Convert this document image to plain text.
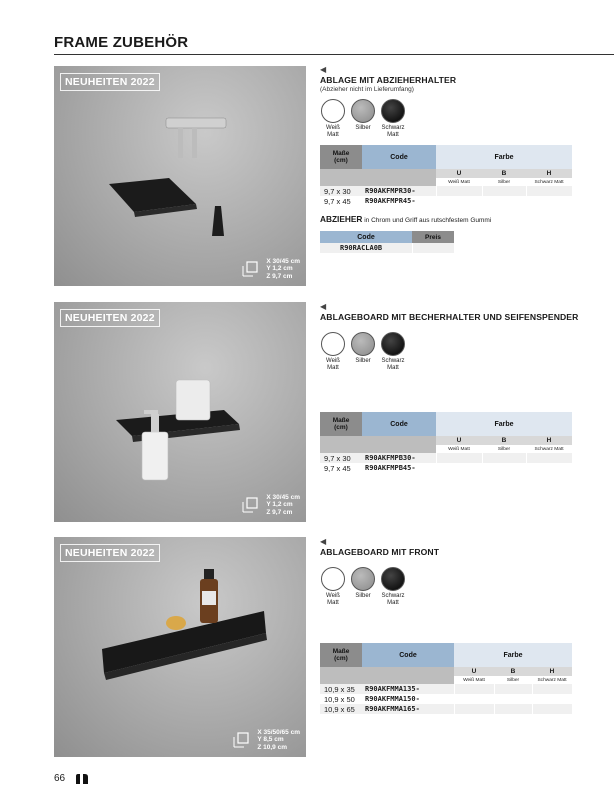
FRAME ZUBEHÖR
NEUHEITEN 2022
X 30/45 cm
Y 1,2 cm
Z 9,7 cm
◀
ABLAGE MIT ABZIEHERHALTER
(Abzieher nicht im Lieferumfang)
Weiß
Matt
Silber Schwarz
Matt
Maße
(cm)	Code	Farbe		
		U	B	H
		Weiß Matt	Silber	Schwarz Matt
9,7 x 30	R90AKFMPR30-			
9,7 x 45	R90AKFMPR45-			
ABZIEHER in Chrom und Griff aus rutschfestem Gummi
Code	Preis
R90RACLA0B	
NEUHEITEN 2022
X 30/45 cm
Y 1,2 cm
Z 9,7 cm
◀
ABLAGEBOARD MIT BECHERHALTER UND SEIFENSPENDER
Weiß
Matt
Silber Schwarz
Matt
Maße
(cm)	Code	Farbe		
		U	B	H
		Weiß Matt	Silber	Schwarz Matt
9,7 x 30	R90AKFMPB30-			
9,7 x 45	R90AKFMPB45-			
NEUHEITEN 2022
X 35/50/65 cm
Y 8,5 cm
Z 10,9 cm
◀
ABLAGEBOARD MIT FRONT
Weiß
Matt
Silber Schwarz
Matt
Maße
(cm)	Code	Farbe		
		U	B	H
		Weiß Matt	Silber	Schwarz Matt
10,9 x 35	R90AKFMMA135-			
10,9 x 50	R90AKFMMA150-			
10,9 x 65	R90AKFMMA165-			
66
